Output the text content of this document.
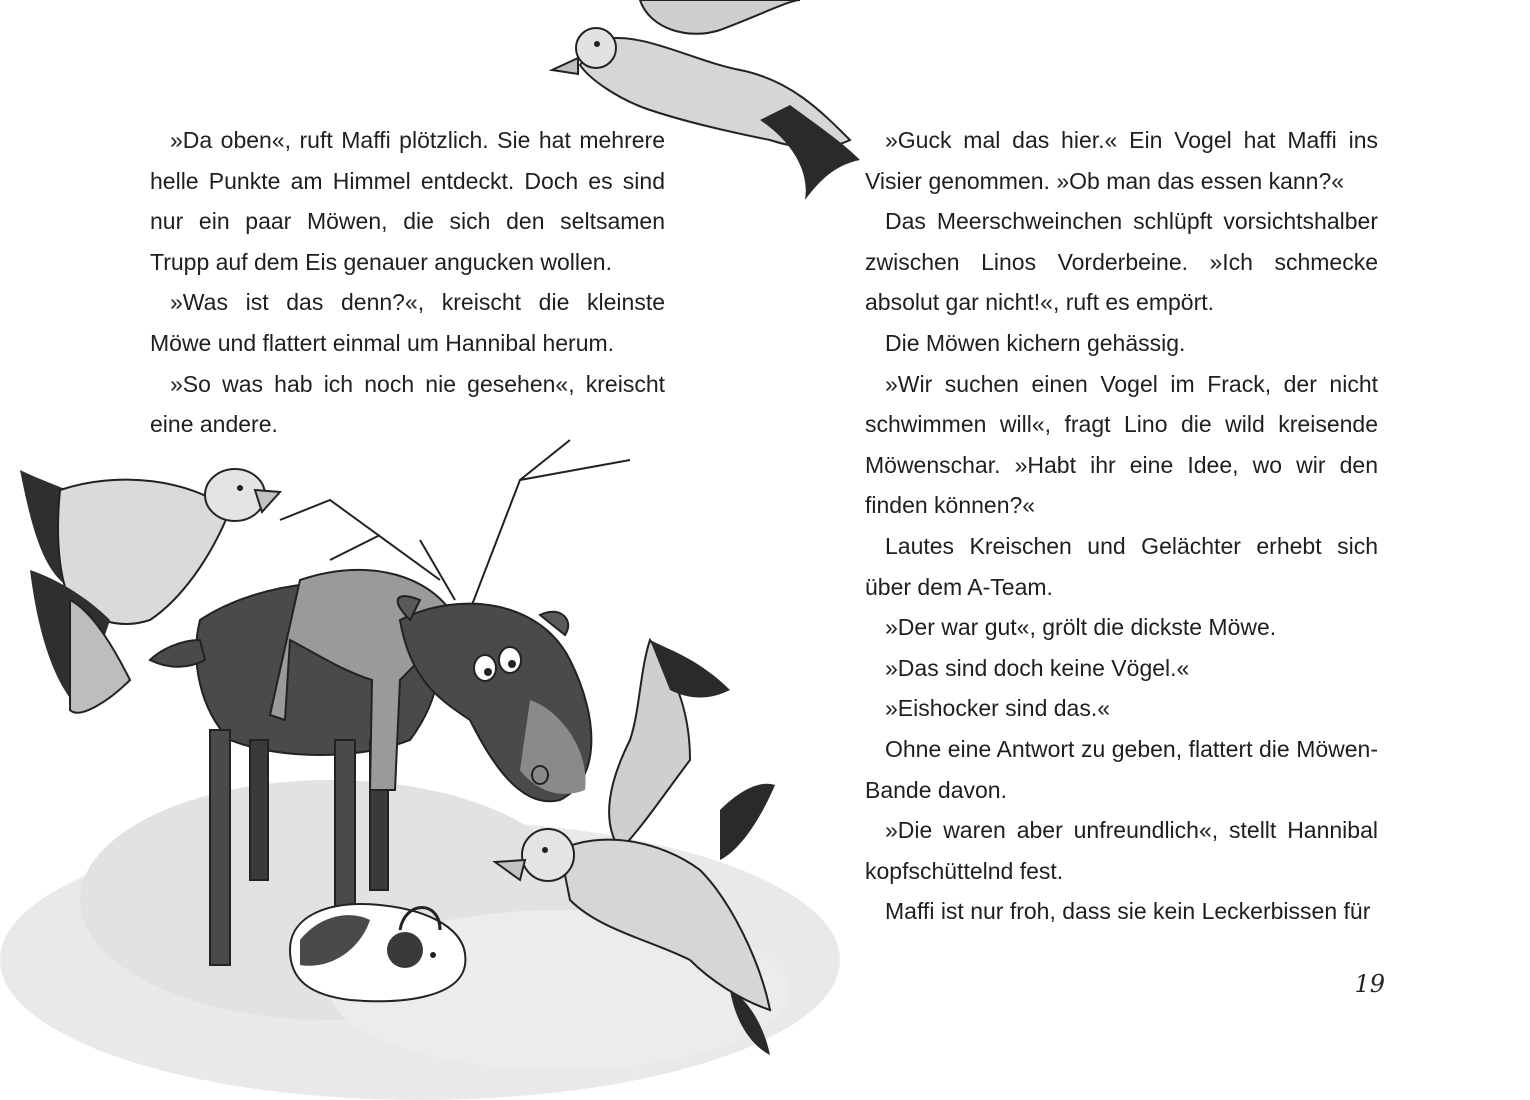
»Da oben«, ruft Maffi plötzlich. Sie hat mehrere helle Punkte am Himmel entdeckt. Doch es sind nur ein paar Möwen, die sich den seltsamen Trupp auf dem Eis genauer angucken wollen.

»Was ist das denn?«, kreischt die kleinste Möwe und flattert einmal um Hannibal herum.

»So was hab ich noch nie gesehen«, kreischt eine andere.

»Guck mal das hier.« Ein Vogel hat Maffi ins Visier genommen. »Ob man das essen kann?«

Das Meerschweinchen schlüpft vorsichtshalber zwischen Linos Vorderbeine. »Ich schmecke absolut gar nicht!«, ruft es empört.

Die Möwen kichern gehässig.

»Wir suchen einen Vogel im Frack, der nicht schwimmen will«, fragt Lino die wild kreisende Möwenschar. »Habt ihr eine Idee, wo wir den finden können?«

Lautes Kreischen und Gelächter erhebt sich über dem A-Team.

»Der war gut«, grölt die dickste Möwe.

»Das sind doch keine Vögel.«

»Eishocker sind das.«

Ohne eine Antwort zu geben, flattert die Möwen-Bande davon.

»Die waren aber unfreundlich«, stellt Hannibal kopfschüttelnd fest.

Maffi ist nur froh, dass sie kein Leckerbissen für

19
